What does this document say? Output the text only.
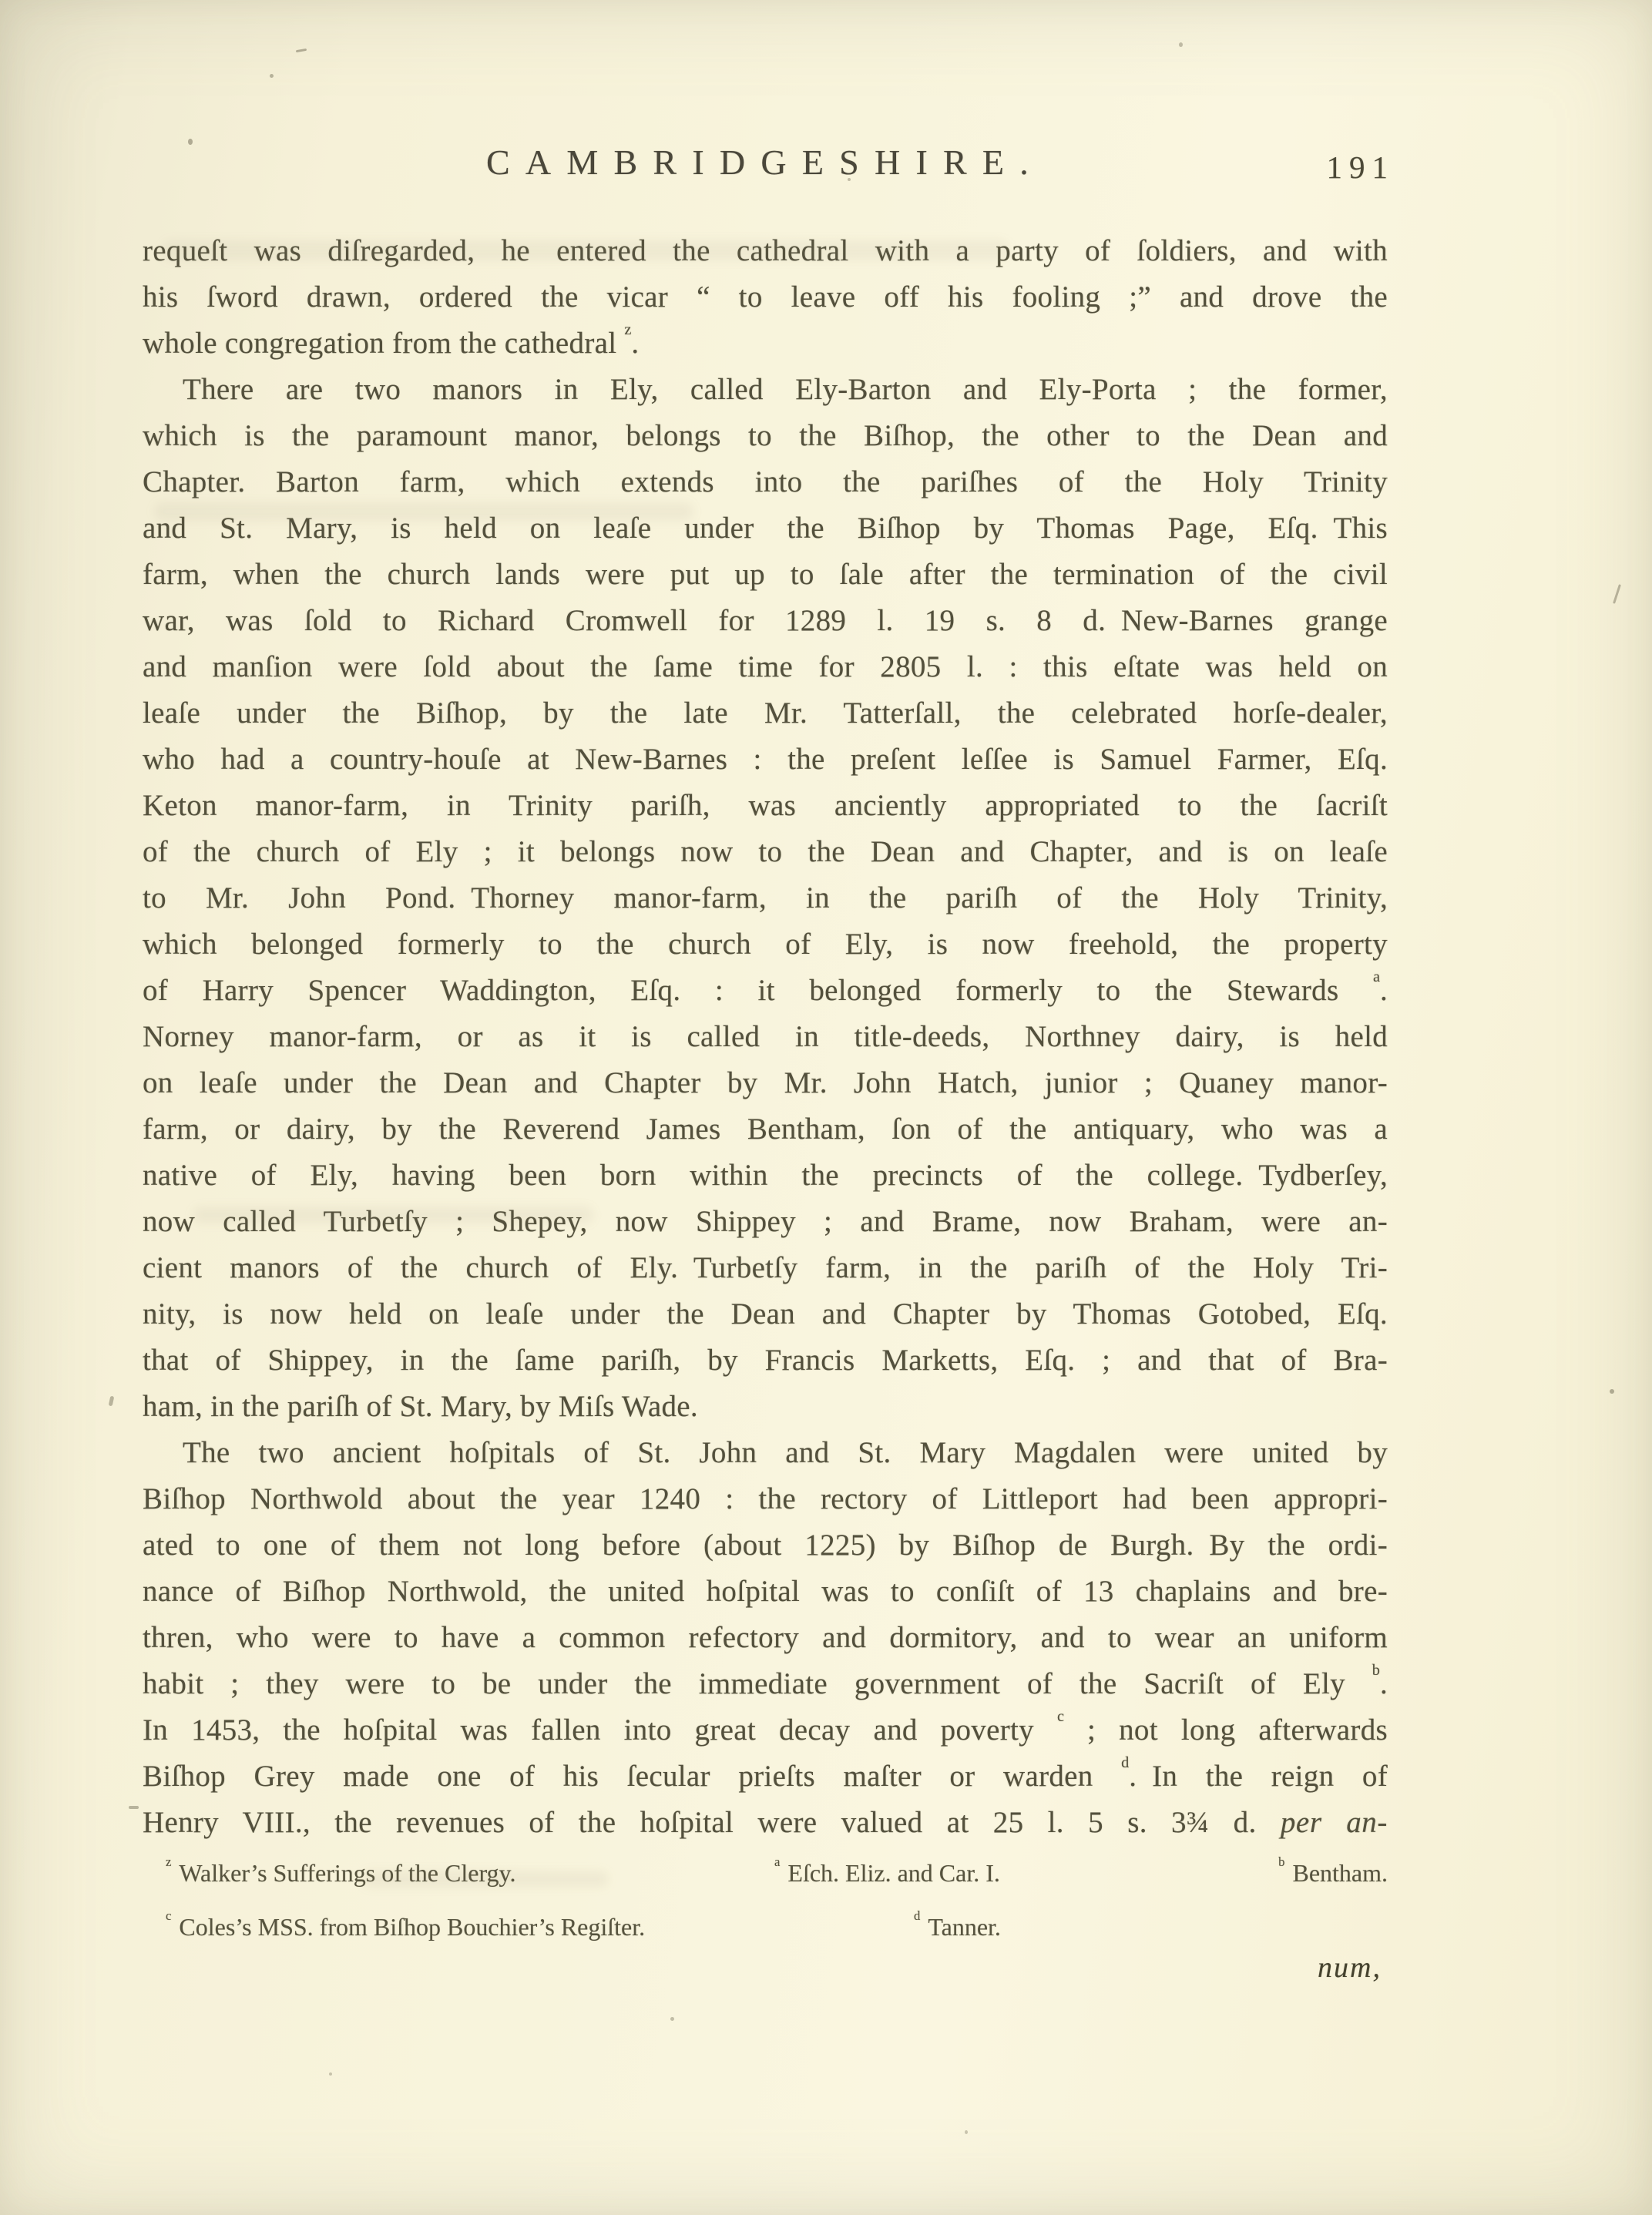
CAMBRIDGESHIRE.	191
requeſt was diſregarded, he entered the cathedral with a party of ſoldiers, and with
his ſword drawn, ordered the vicar “ to leave off his fooling ;” and drove the
whole congregation from the cathedral $^z$.
There are two manors in Ely, called Ely-Barton and Ely-Porta ; the former,
which is the paramount manor, belongs to the Biſhop, the other to the Dean and
Chapter.  Barton farm, which extends into the pariſhes of the Holy Trinity
and St. Mary, is held on leaſe under the Biſhop by Thomas Page, Eſq. This
farm, when the church lands were put up to ſale after the termination of the civil
war, was ſold to Richard Cromwell for 1289 l. 19 s. 8 d. New-Barnes grange
and manſion were ſold about the ſame time for 2805 l. : this eſtate was held on
leaſe under the Biſhop, by the late Mr. Tatterſall, the celebrated horſe-dealer,
who had a country-houſe at New-Barnes : the preſent leſſee is Samuel Farmer, Eſq.
Keton manor-farm, in Trinity pariſh, was anciently appropriated to the ſacriſt
of the church of Ely ; it belongs now to the Dean and Chapter, and is on leaſe
to Mr. John Pond. Thorney manor-farm, in the pariſh of the Holy Trinity,
which belonged formerly to the church of Ely, is now freehold, the property
of Harry Spencer Waddington, Eſq. : it belonged formerly to the Stewards $^a$.
Norney manor-farm, or as it is called in title-deeds, Northney dairy, is held
on leaſe under the Dean and Chapter by Mr. John Hatch, junior ; Quaney manor-
farm, or dairy, by the Reverend James Bentham, ſon of the antiquary, who was a
native of Ely, having been born within the precincts of the college. Tydberſey,
now called Turbetſy ; Shepey, now Shippey ; and Brame, now Braham, were an-
cient manors of the church of Ely. Turbetſy farm, in the pariſh of the Holy Tri-
nity, is now held on leaſe under the Dean and Chapter by Thomas Gotobed, Eſq.
that of Shippey, in the ſame pariſh, by Francis Marketts, Eſq. ; and that of Bra-
ham, in the pariſh of St. Mary, by Miſs Wade.
The two ancient hoſpitals of St. John and St. Mary Magdalen were united by
Biſhop Northwold about the year 1240 : the rectory of Littleport had been appropri-
ated to one of them not long before (about 1225) by Biſhop de Burgh. By the ordi-
nance of Biſhop Northwold, the united hoſpital was to conſiſt of 13 chaplains and bre-
thren, who were to have a common refectory and dormitory, and to wear an uniform
habit ; they were to be under the immediate government of the Sacriſt of Ely $^b$.
In 1453, the hoſpital was fallen into great decay and poverty $^c$ ; not long afterwards
Biſhop Grey made one of his ſecular prieſts maſter or warden $^d$. In the reign of
Henry VIII., the revenues of the hoſpital were valued at 25 l. 5 s. 3¾ d. per an-
$^z$ Walker’s Sufferings of the Clergy.	$^a$ Eſch. Eliz. and Car. I.	$^b$ Bentham.
$^c$ Coles’s MSS. from Biſhop Bouchier’s Regiſter.	$^d$ Tanner.
num,
